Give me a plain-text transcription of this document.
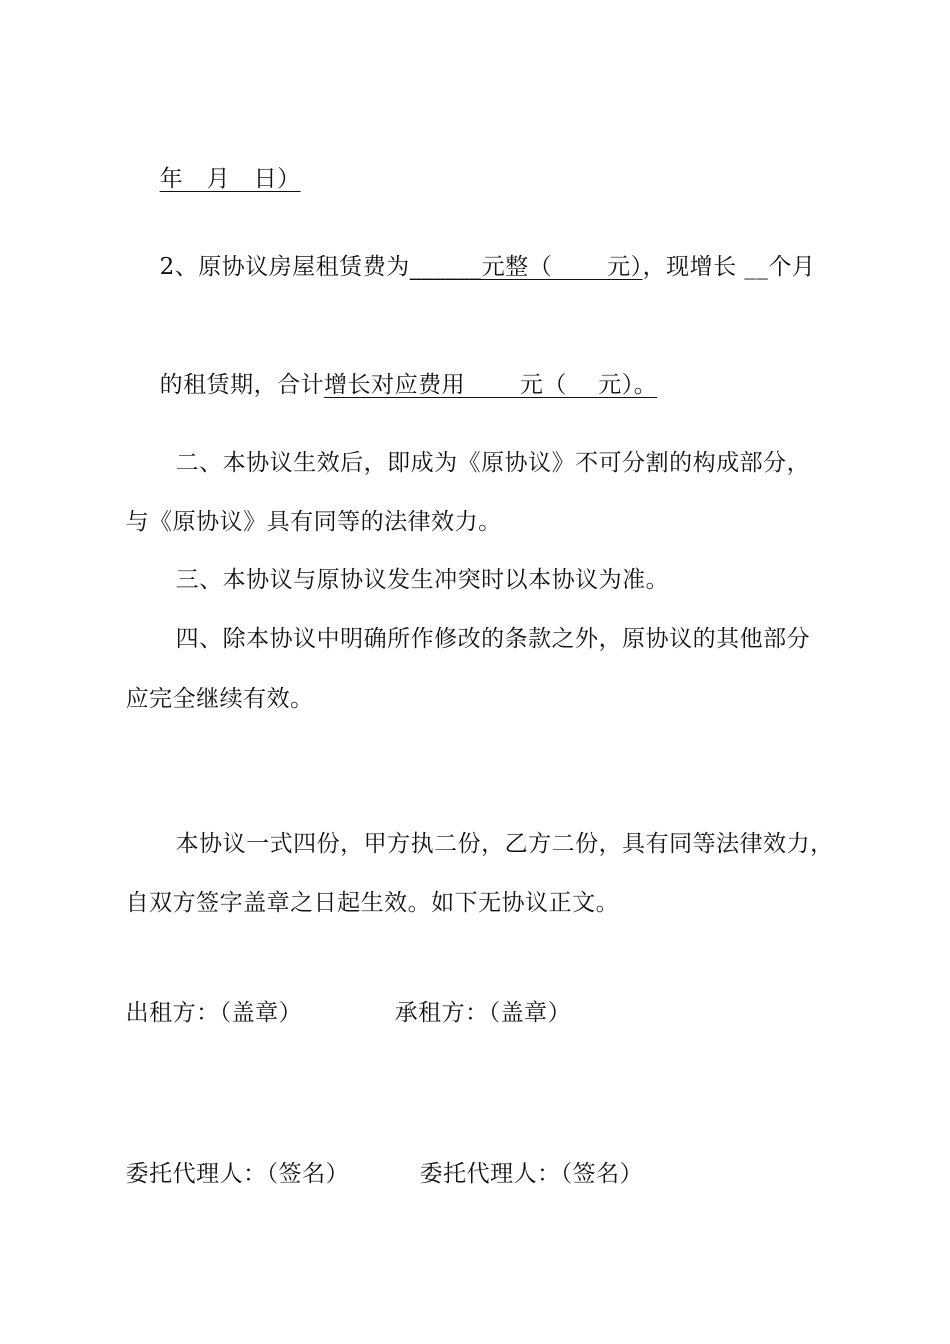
年　月　日）

2、原协议房屋租赁费为______元整（　　 元），现增长 __个月

的租赁期，合计增长对应费用　　 元（　 元）。

二、本协议生效后，即成为《原协议》不可分割的构成部分，

与《原协议》具有同等的法律效力。

三、本协议与原协议发生冲突时以本协议为准。

四、除本协议中明确所作修改的条款之外，原协议的其他部分

应完全继续有效。

本协议一式四份，甲方执二份，乙方二份，具有同等法律效力，

自双方签字盖章之日起生效。如下无协议正文。

出租方：（盖章）	承租方：（盖章）

委托代理人：（签名）	委托代理人：（签名）
